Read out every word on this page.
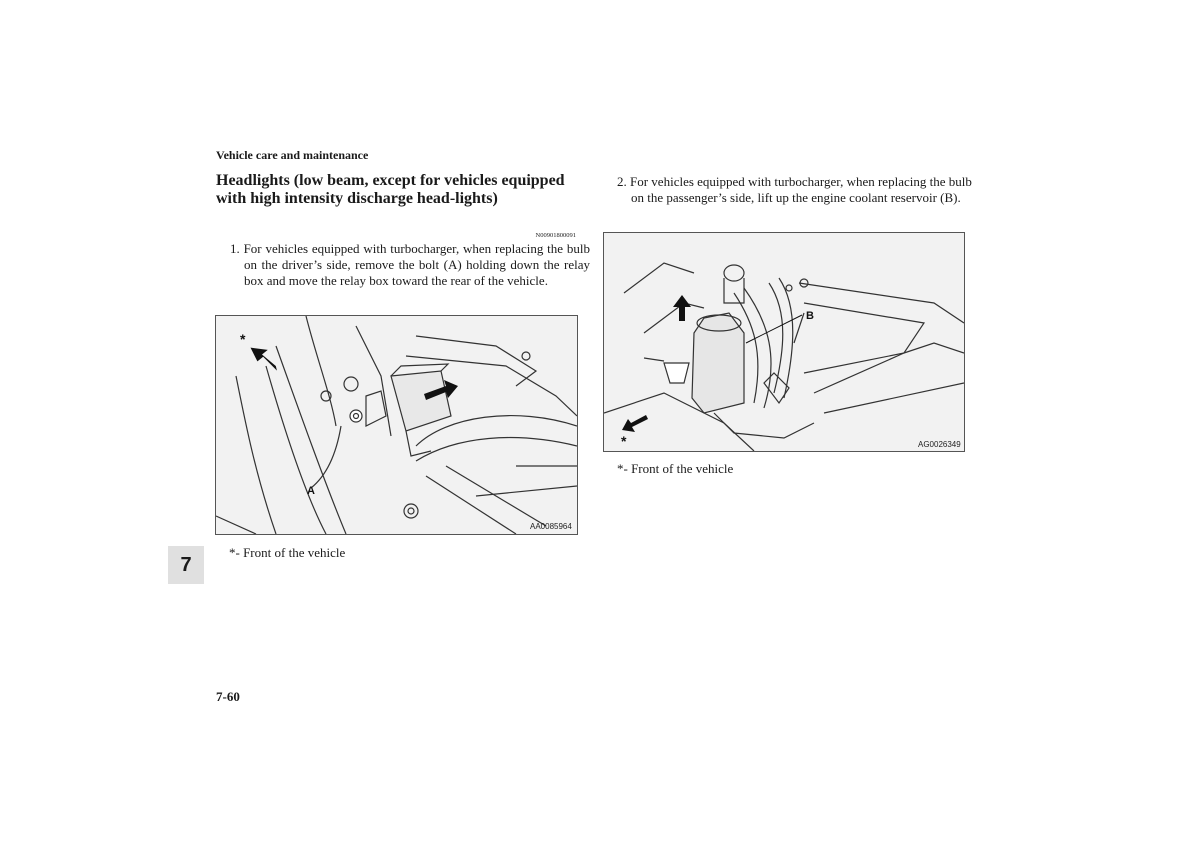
Vehicle care and maintenance
Headlights (low beam, except for vehicles equipped with high intensity discharge head-lights)
N00901800091
1. For vehicles equipped with turbocharger, when replacing the bulb on the driver’s side, remove the bolt (A) holding down the relay box and move the relay box toward the rear of the vehicle.
*
A
AA0085964
*- Front of the vehicle
2. For vehicles equipped with turbocharger, when replacing the bulb on the passenger’s side, lift up the engine coolant reservoir (B).
B
*	AG0026349
*- Front of the vehicle
7
7-60
